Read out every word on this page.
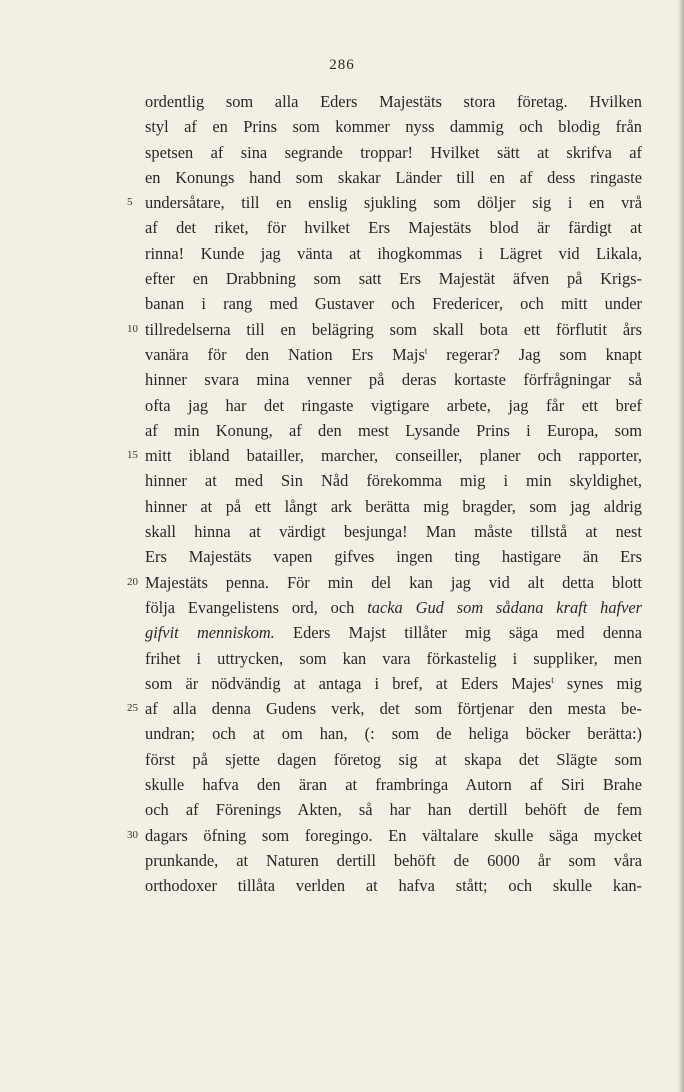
286
ordentlig som alla Eders Majestäts stora företag. Hvilken
styl af en Prins som kommer nyss dammig och blodig från
spetsen af sina segrande troppar! Hvilket sätt at skrifva af
en Konungs hand som skakar Länder till en af dess ringaste
5 undersåtare, till en enslig sjukling som döljer sig i en vrå
af det riket, för hvilket Ers Majestäts blod är färdigt at
rinna! Kunde jag vänta at ihogkommas i Lägret vid Likala,
efter en Drabbning som satt Ers Majestät äfven på Krigs-
banan i rang med Gustaver och Fredericer, och mitt under
10 tillredelserna till en belägring som skall bota ett förflutit års
vanära för den Nation Ers Majs$^t$ regerar? Jag som knapt
hinner svara mina venner på deras kortaste förfrågningar så
ofta jag har det ringaste vigtigare arbete, jag får ett bref
af min Konung, af den mest Lysande Prins i Europa, som
15 mitt ibland batailler, marcher, conseiller, planer och rapporter,
hinner at med Sin Nåd förekomma mig i min skyldighet,
hinner at på ett långt ark berätta mig bragder, som jag aldrig
skall hinna at värdigt besjunga! Man måste tillstå at nest
Ers Majestäts vapen gifves ingen ting hastigare än Ers
20 Majestäts penna. För min del kan jag vid alt detta blott
följa Evangelistens ord, och tacka Gud som sådana kraft hafver
gifvit menniskom. Eders Majst tillåter mig säga med denna
frihet i uttrycken, som kan vara förkastelig i suppliker, men
som är nödvändig at antaga i bref, at Eders Majes$^t$ synes mig
25 af alla denna Gudens verk, det som förtjenar den mesta be-
undran; och at om han, (: som de heliga böcker berätta:)
först på sjette dagen företog sig at skapa det Slägte som
skulle hafva den äran at frambringa Autorn af Siri Brahe
och af Förenings Akten, så har han dertill behöft de fem
30 dagars öfning som foregingo. En vältalare skulle säga mycket
prunkande, at Naturen dertill behöft de 6000 år som våra
orthodoxer tillåta verlden at hafva stått; och skulle kan-
